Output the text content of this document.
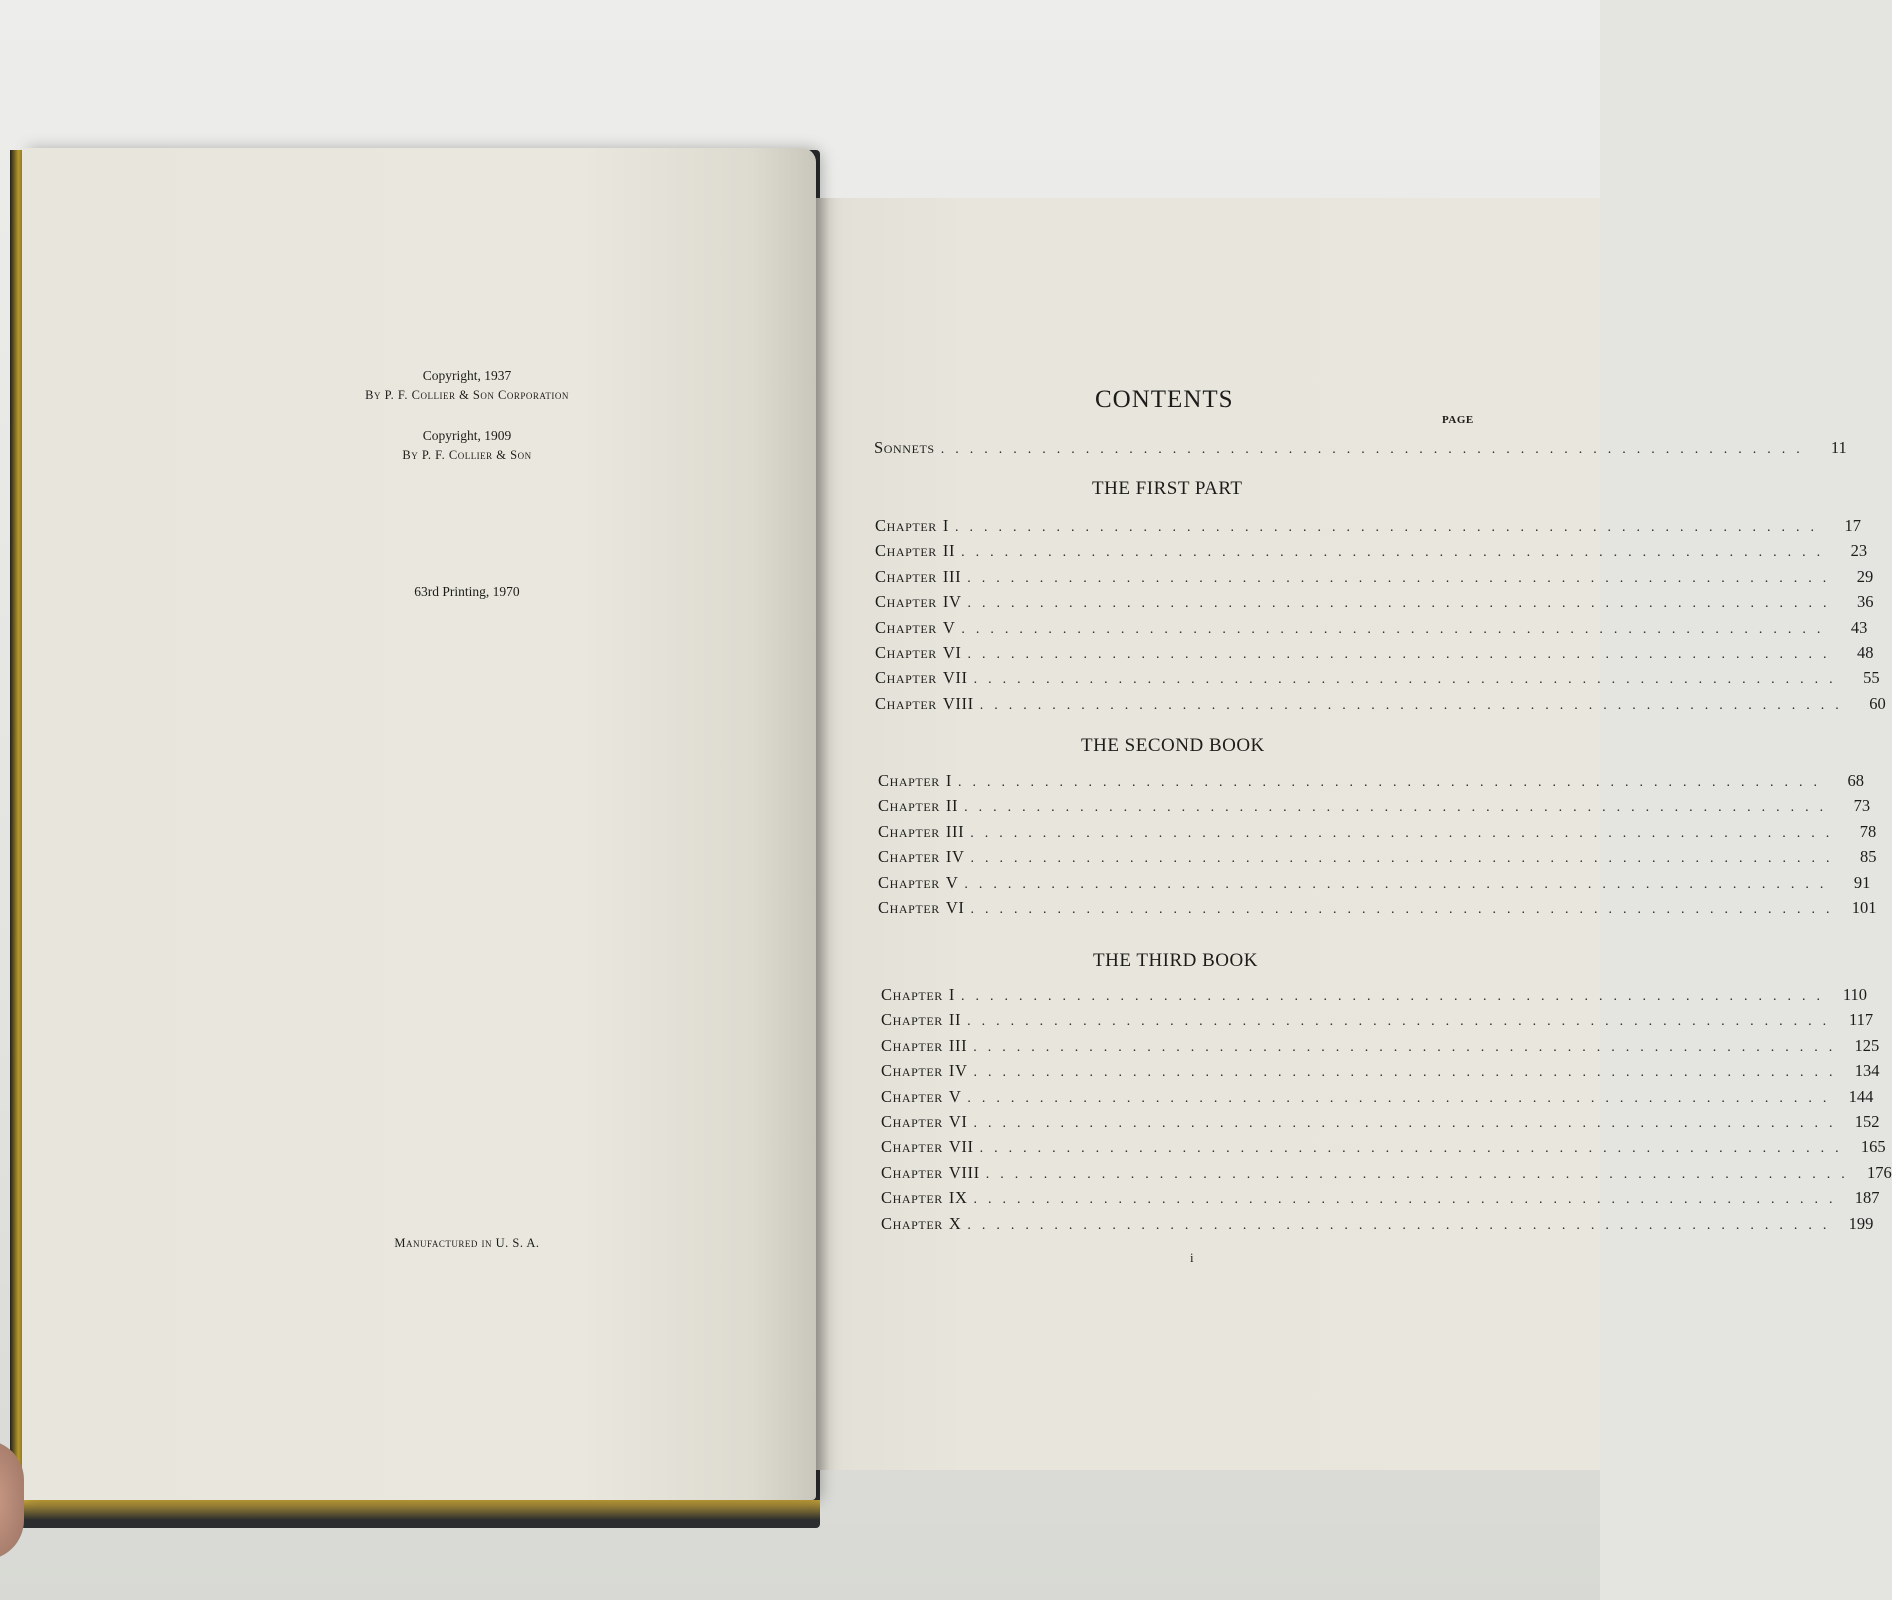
Copyright, 1937
By P. F. Collier & Son Corporation
Copyright, 1909
By P. F. Collier & Son
63rd Printing, 1970
Manufactured in U. S. A.
CONTENTS
PAGE
Sonnets ............................................................	11
THE FIRST PART
Chapter I ............................................................	17
Chapter II ............................................................	23
Chapter III ............................................................	29
Chapter IV ............................................................	36
Chapter V ............................................................	43
Chapter VI ............................................................	48
Chapter VII ............................................................	55
Chapter VIII ............................................................	60
THE SECOND BOOK
Chapter I ............................................................	68
Chapter II ............................................................	73
Chapter III ............................................................	78
Chapter IV ............................................................	85
Chapter V ............................................................	91
Chapter VI ............................................................ 101
THE THIRD BOOK
Chapter I ............................................................ 110
Chapter II ............................................................ 117
Chapter III ............................................................ 125
Chapter IV ............................................................ 134
Chapter V ............................................................ 144
Chapter VI ............................................................ 152
Chapter VII ............................................................ 165
Chapter VIII ............................................................ 176
Chapter IX ............................................................ 187
Chapter X ............................................................ 199
i
